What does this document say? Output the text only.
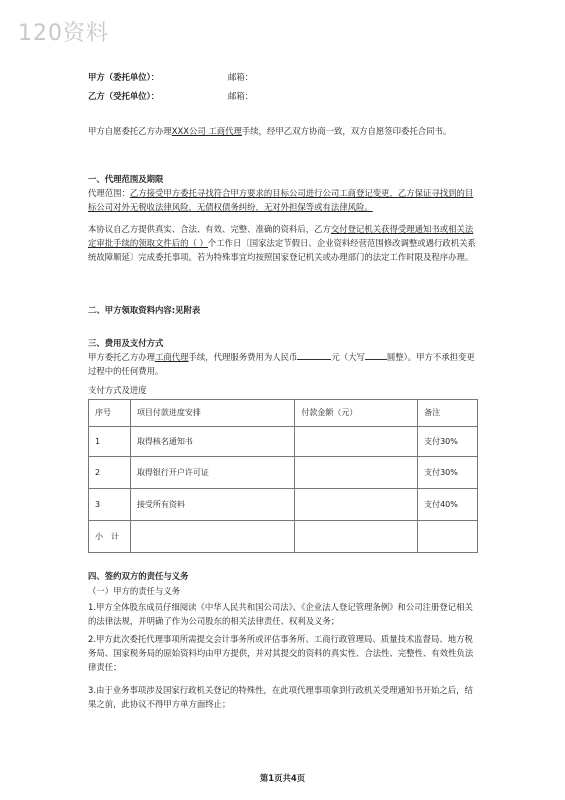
120资料
甲方（委托单位）：	邮箱：
乙方（受托单位）：	邮箱：

甲方自愿委托乙方办理XXX公司 工商代理手续，经甲乙双方协商一致，双方自愿签印委托合同书。

一、代理范围及期限

代理范围：乙方接受甲方委托寻找符合甲方要求的目标公司进行公司工商登记变更，乙方保证寻找到的目标公司对外无税收法律风险，无债权债务纠纷，无对外担保等或有法律风险。

本协议自乙方提供真实、合法、有效、完整、准确的资料后，乙方交付登记机关获得受理通知书或相关法定审批手续的领取文件后的（ ）个工作日〔国家法定节假日、企业资料经营范围修改调整或遇行政机关系统故障顺延〕完成委托事项。若为特殊事宜均按照国家登记机关或办理部门的法定工作时限及程序办理。

二、甲方领取资料内容:见附表

三、费用及支付方式

甲方委托乙方办理工商代理手续，代理服务费用为人民币	元（大写	圆整）。甲方不承担变更过程中的任何费用。

支付方式及进度

序号	项目付款进度安排	付款金额（元）	备注
1	取得核名通知书		支付30%
2	取得银行开户许可证		支付30%
3	接受所有资料		支付40%
小　计			

四、签约双方的责任与义务

（一）甲方的责任与义务

1.甲方全体股东成员仔细阅读《中华人民共和国公司法》、《企业法人登记管理条例》和公司注册登记相关的法律法规，并明确了作为公司股东的相关法律责任、权利及义务；

2.甲方此次委托代理事项所需提交会计事务所或评估事务所、工商行政管理局、质量技术监督局、地方税务局、国家税务局的原始资料均由甲方提供，并对其提交的资料的真实性、合法性、完整性、有效性负法律责任；

3.由于业务事项涉及国家行政机关登记的特殊性，在此项代理事项拿到行政机关受理通知书开始之后，结果之前，此协议不得甲方单方面终止；

第1页共4页
